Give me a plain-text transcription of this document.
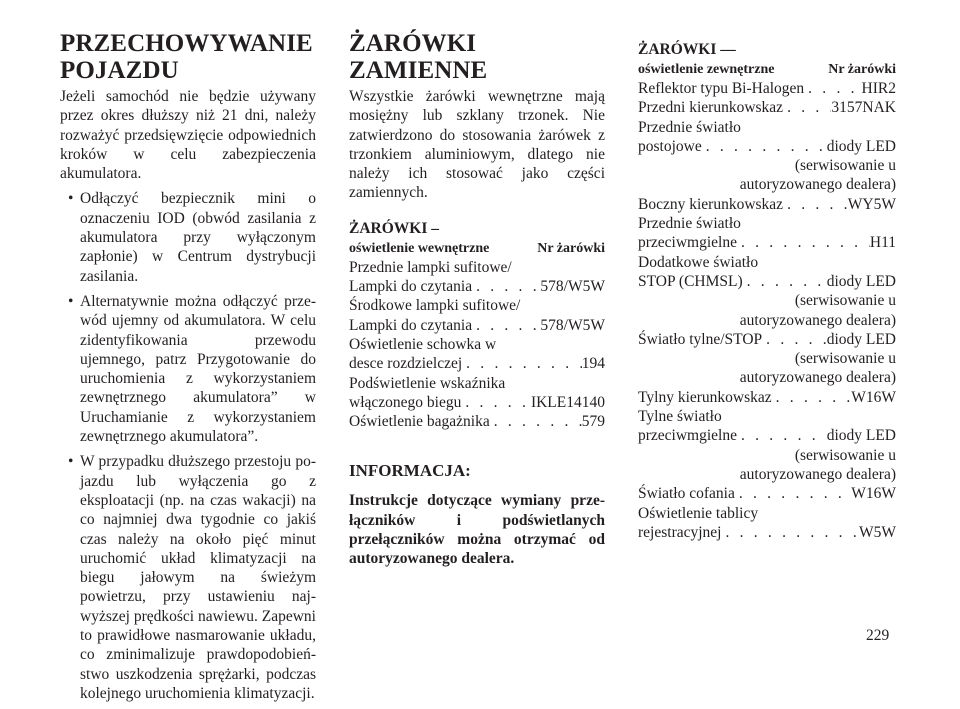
PRZECHOWYWANIE POJAZDU

Jeżeli samochód nie będzie używany przez okres dłuższy niż 21 dni, należy rozważyć przedsięwzięcie odpowiednich kroków w celu zabezpieczenia akumulatora.

• Odłączyć bezpiecznik mini o oznaczeniu IOD (obwód zasilania z akumulatora przy wyłączonym zapłonie) w Centrum dystrybucji zasilania.
• Alternatywnie można odłączyć przewód ujemny od akumulatora. W celu zidentyfikowania przewodu ujemnego, patrz Przygotowanie do uruchomienia z wykorzystaniem zewnętrznego akumulatora” w Uruchamianie z wykorzystaniem zewnętrznego akumulatora”.
• W przypadku dłuższego przestoju pojazdu lub wyłączenia go z eksploatacji (np. na czas wakacji) na co najmniej dwa tygodnie co jakiś czas należy na około pięć minut uruchomić układ klimatyzacji na biegu jałowym na świeżym powietrzu, przy ustawieniu najwyższej prędkości nawiewu. Zapewni to prawidłowe nasmarowanie układu, co zminimalizuje prawdopodobieństwo uszkodzenia sprężarki, podczas kolejnego uruchomienia klimatyzacji.
ŻARÓWKI ZAMIENNE

Wszystkie żarówki wewnętrzne mają mosiężny lub szklany trzonek. Nie zatwierdzono do stosowania żarówek z trzonkiem aluminiowym, dlatego nie należy ich stosować jako części zamiennych.

ŻARÓWKI –
oświetlenie wewnętrzne	Nr żarówki
Przednie lampki sufitowe/
Lampki do czytania . . .	578/W5W
Środkowe lampki sufitowe/
Lampki do czytania . . .	578/W5W
Oświetlenie schowka w
desce rozdzielczej . . .	194
Podświetlenie wskaźnika
włączonego biegu . . .	IKLE14140
Oświetlenie bagażnika . . .	579
INFORMACJA:

Instrukcje dotyczące wymiany przełączników i podświetlanych przełączników można otrzymać od autoryzowanego dealera.

ŻARÓWKI —
oświetlenie zewnętrzne	Nr żarówki
Reflektor typu Bi-Halogen . . .	HIR2
Przedni kierunkowskaz . . .	3157NAK
Przednie światło
postojowe . . .	diody LED
(serwisowanie u
autoryzowanego dealera)
Boczny kierunkowskaz . . .	WY5W
Przednie światło
przeciwmgielne . . .	H11
Dodatkowe światło
STOP (CHMSL) . . .	diody LED
(serwisowanie u
autoryzowanego dealera)
Światło tylne/STOP . . .	diody LED
(serwisowanie u
autoryzowanego dealera)
Tylny kierunkowskaz . . .	W16W
Tylne światło
przeciwmgielne . . .	diody LED
(serwisowanie u
autoryzowanego dealera)
Światło cofania . . .	W16W
Oświetlenie tablicy
rejestracyjnej . . .	W5W
229
